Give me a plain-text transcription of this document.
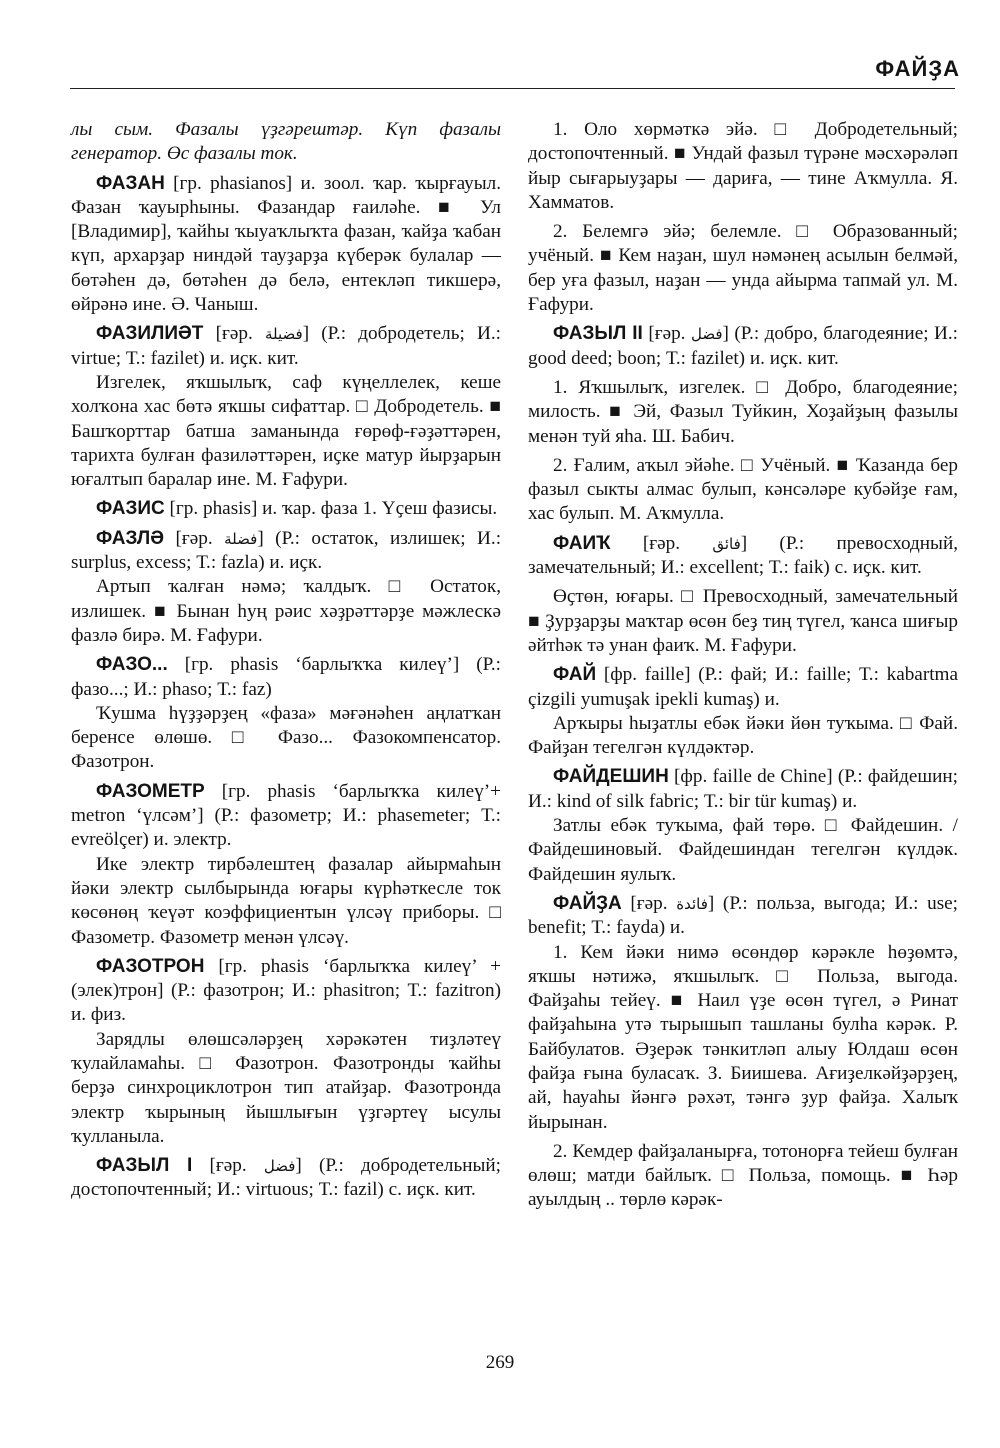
ФАЙҘА

лы сым. Фазалы үҙгәрештәр. Күп фазалы генератор. Өс фазалы ток.

ФАЗАН [гр. phasianos] и. зоол. ҡар. ҡырғауыл. Фазан ҡауырһыны. Фазандар ғаиләһе. ■ Ул [Владимир], ҡайһы ҡыуаҡлыҡта фазан, ҡайҙа ҡабан күп, архарҙар ниндәй тауҙарҙа күберәк булалар — бөтәһен дә, бөтәһен дә белә, ентекләп тикшерә, өйрәнә ине. Ә. Чаныш.

ФАЗИЛИӘТ [ғәр. فضيلة] (Р.: добродетель; И.: virtue; Т.: fazilet) и. иҫк. кит.

Изгелек, яҡшылыҡ, саф күңеллелек, кеше холҡона хас бөтә яҡшы сифаттар. □ Добродетель. ■ Башҡорттар батша заманында ғөрөф-ғәҙәттәрен, тарихта булған фазиләттәрен, иҫке матур йырҙарын юғалтып баралар ине. М. Ғафури.

ФАЗИС [гр. phasis] и. ҡар. фаза 1. Үҫеш фазисы.

ФАЗЛӘ [ғәр. فضلة] (Р.: остаток, излишек; И.: surplus, excess; Т.: fazla) и. иҫк.

Артып ҡалған нәмә; ҡалдыҡ. □ Остаток, излишек. ■ Бынан һуң рәис хәҙрәттәрҙе мәжлескә фазлә бирә. М. Ғафури.

ФАЗО... [гр. phasis ‘барлыҡҡа килеү’] (Р.: фазо...; И.: phaso; Т.: faz)

Ҡушма һүҙҙәрҙең «фаза» мәғәнәһен аңлатҡан беренсе өлөшө. □ Фазо... Фазокомпенсатор. Фазотрон.

ФАЗОМЕТР [гр. phasis ‘барлыҡҡа килеү’+ metron ‘үлсәм’] (Р.: фазометр; И.: phasemeter; Т.: evreölçer) и. электр.

Ике электр тирбәлештең фазалар айырмаһын йәки электр сылбырында юғары күрһәткесле ток көсөнөң ҡеүәт коэффициентын үлсәү приборы. □ Фазометр. Фазометр менән үлсәү.

ФАЗОТРОН [гр. phasis ‘барлыҡҡа килеү’ + (элек)трон] (Р.: фазотрон; И.: phasitron; Т.: fazitron) и. физ.

Зарядлы өлөшсәләрҙең хәрәкәтен тиҙләтеү ҡулайламаһы. □ Фазотрон. Фазотронды ҡайһы берҙә синхроциклотрон тип атайҙар. Фазотронда электр ҡырының йышлығын үҙгәртеү ысулы ҡулланыла.

ФАЗЫЛ I [ғәр. فضل] (Р.: добродетельный; достопочтенный; И.: virtuous; Т.: fazil) с. иҫк. кит.

1. Оло хөрмәткә эйә. □ Добродетельный; достопочтенный. ■ Ундай фазыл түрәне мәсхәрәләп йыр сығарыуҙары — дариға, — тине Аҡмулла. Я. Хамматов.

2. Белемгә эйә; белемле. □ Образованный; учёный. ■ Кем наҙан, шул нәмәнең асылын белмәй, бер уға фазыл, наҙан — унда айырма тапмай ул. М. Ғафури.

ФАЗЫЛ II [ғәр. فضل] (Р.: добро, благодеяние; И.: good deed; boon; Т.: fazilet) и. иҫк. кит.

1. Яҡшылыҡ, изгелек. □ Добро, благодеяние; милость. ■ Эй, Фазыл Туйкин, Хоҙайҙың фазылы менән туй яһа. Ш. Бабич.

2. Ғалим, аҡыл эйәһе. □ Учёный. ■ Ҡазанда бер фазыл сыкты алмас булып, кәнсәләре кубәйҙе ғам, хас булып. М. Аҡмулла.

ФАИҠ [ғәр. فائق] (Р.: превосходный, замечательный; И.: excellent; Т.: faik) с. иҫк. кит.

Өҫтөн, юғары. □ Превосходный, замечательный ■ Ҙурҙарҙы маҡтар өсөн беҙ тиң түгел, ҡанса шиғыр әйтһәк тә унан фаиҡ. М. Ғафури.

ФАЙ [фр. faille] (Р.: фай; И.: faille; Т.: kabartma çizgili yumuşak ipekli kumaş) и.

Арҡыры һыҙатлы ебәк йәки йөн туҡыма. □ Фай. Файҙан тегелгән күлдәктәр.

ФАЙДЕШИН [фр. faille de Chine] (Р.: файдешин; И.: kind of silk fabric; Т.: bir tür kumaş) и.

Затлы ебәк туҡыма, фай төрө. □ Файдешин. / Файдешиновый. Файдешиндан тегелгән күлдәк. Файдешин яулыҡ.

ФАЙҘА [ғәр. فائدة] (Р.: польза, выгода; И.: use; benefit; Т.: fayda) и.

1. Кем йәки нимә өсөндөр кәрәкле һөҙөмтә, яҡшы нәтижә, яҡшылыҡ. □ Польза, выгода. Файҙаһы тейеү. ■ Наил үҙе өсөн түгел, ә Ринат файҙаһына утә тырышып ташланы булһа кәрәк. Р. Байбулатов. Әҙерәк тәнкитләп алыу Юлдаш өсөн файҙа ғына буласаҡ. З. Биишева. Ағиҙелкәйҙәрҙең, ай, һауаһы йәнгә рәхәт, тәнгә ҙур файҙа. Халыҡ йырынан.

2. Кемдер файҙаланырға, тотонорға тейеш булған өлөш; матди байлыҡ. □ Польза, помощь. ■ Һәр ауылдың .. төрлө кәрәк-

269
